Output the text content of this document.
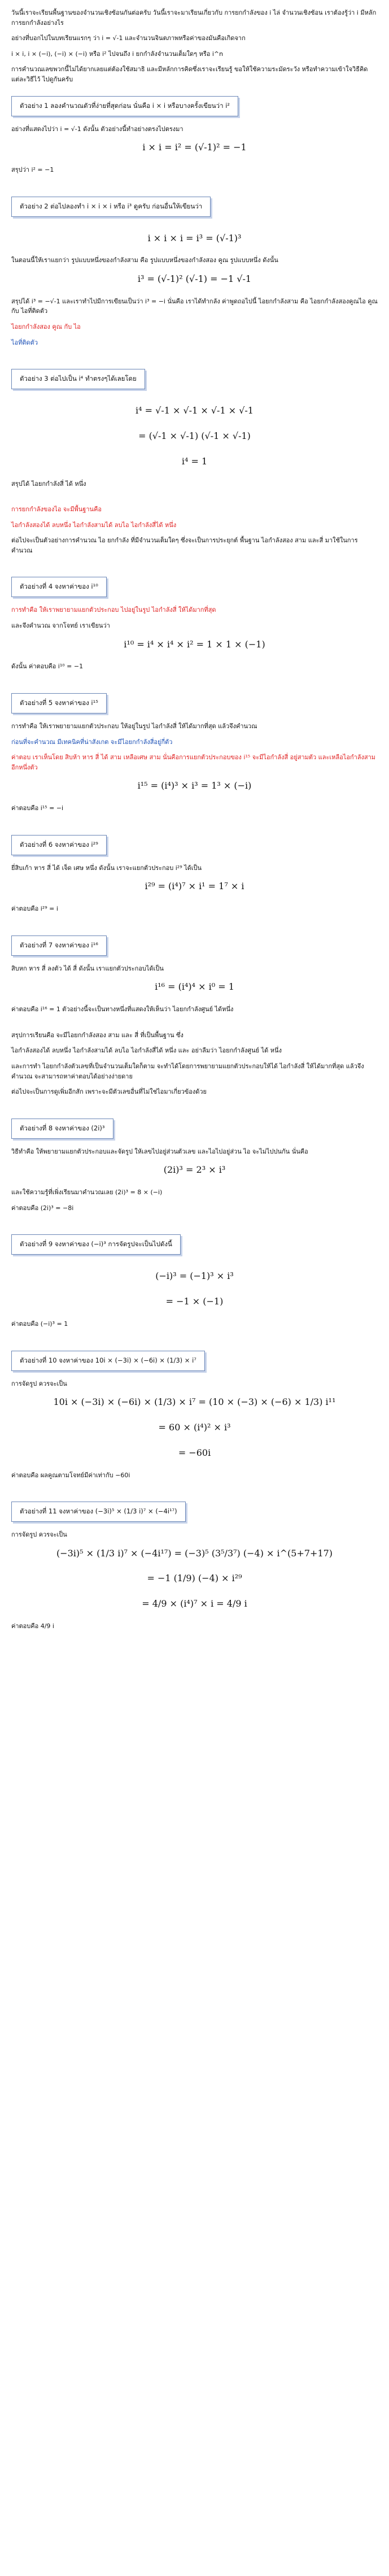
วันนี้เราจะเรียนพื้นฐานของจำนวนเชิงซ้อนกันต่อครับ วันนี้เราจะมาเรียนเกี่ยวกับ การยกกำลังของ i ไล่ จำนวนเชิงซ้อน เราต้องรู้ว่า i มีหลักการยกกำลังอย่างไร

อย่างที่บอกไปในบทเรียนแรกๆ ว่า i = √-1 และจำนวนจินตภาพหรือค่าของมันคือเกิดจาก

i × i, i × (−i), (−i) × (−i) หรือ i² ไปจนถึง i ยกกำลังจำนวนเต็มใดๆ หรือ i^n

การคำนวณเลขพวกนี้ไม่ได้ยากเลยแต่ต้องใช้สมาธิ และมีหลักการคิดซึ่งเราจะเรียนรู้ ขอให้ใช้ความระมัดระวัง หรือทำความเข้าใจวิธีคิดแต่ละวิธีไว้ ไปดูกันครับ

ตัวอย่าง 1 ลองคำนวณตัวที่ง่ายที่สุดก่อน นั่นคือ i × i หรือบางครั้งเขียนว่า i²

อย่างที่แสดงไปว่า i = √-1 ดังนั้น ตัวอย่างนี้ทำอย่างตรงไปตรงมา

i × i = i² = (√-1)² = −1

สรุปว่า i² = −1

ตัวอย่าง 2 ต่อไปลองทำ i × i × i หรือ i³ ดูครับ ก่อนอื่นให้เขียนว่า
i × i × i = i³ = (√-1)³

ในตอนนี้ให้เราแยกว่า รูปแบบหนึ่งของกำลังสาม คือ รูปแบบหนึ่งของกำลังสอง คูณ รูปแบบหนึ่ง ดังนั้น

i³ = (√-1)² (√-1) = −1 √-1

สรุปได้ i³ = −√-1 และเราทำไปมีการเขียนเป็นว่า i³ = −i นั่นคือ เราได้ทำกลัง ค่าพูดถอไปนี้ ไอยกกำลังสาม คือ ไอยกกำลังสองคูณไอ คูณกับ ไอที่ติดตัว

ไอยกกำลังสอง คูณ กับ ไอ

ไอที่ติดตัว

ตัวอย่าง 3 ต่อไปเป็น i⁴ ทำตรงๆได้เลยโดย
i⁴ = √-1 × √-1 × √-1 × √-1
= (√-1 × √-1) (√-1 × √-1)
i⁴ = 1

สรุปได้ ไอยกกำลังสี่ ได้ หนึ่ง

การยกกำลังของไอ จะมีพื้นฐานคือ

ไอกำลังสองได้ ลบหนึ่ง ไอกำลังสามได้ ลบไอ ไอกำลังสี่ได้ หนึ่ง

ต่อไปจะเป็นตัวอย่างการคำนวณ ไอ ยกกำลัง ที่มีจำนวนเต็มใดๆ ซึ่งจะเป็นการประยุกต์ พื้นฐาน ไอกำลังสอง สาม และสี่ มาใช้ในการคำนวณ

ตัวอย่างที่ 4 จงหาค่าของ i¹⁰

การทำคือ ให้เราพยายามแยกตัวประกอบ ไปอยู่ในรูป ไอกำลังสี่ ให้ได้มากที่สุด

และจึงคำนวณ จากโจทย์ เราเขียนว่า

i¹⁰ = i⁴ × i⁴ × i² = 1 × 1 × (−1)

ดังนั้น ค่าตอบคือ i¹⁰ = −1

ตัวอย่างที่ 5 จงหาค่าของ i¹⁵

การทำคือ ให้เราพยายามแยกตัวประกอบ ให้อยู่ในรูป ไอกำลังสี่ ให้ได้มากที่สุด แล้วจึงคำนวณ

ก่อนที่จะคำนวณ มีเทคนิคที่น่าสังเกต จะมีไอยกกำลังสี่อยู่กี่ตัว

ค่าตอบ เราเห็นโดย สิบห้า หาร สี่ ได้ สาม เหลือเศษ สาม นั่นคือการแยกตัวประกอบของ i¹⁵ จะมีไอกำลังสี่ อยู่สามตัว และเหลือไอกำลังสาม อีกหนึ่งตัว

i¹⁵ = (i⁴)³ × i³ = 1³ × (−i)

ค่าตอบคือ i¹⁵ = −i

ตัวอย่างที่ 6 จงหาค่าของ i²⁹

ยี่สิบเก้า หาร สี่ ได้ เจ็ด เศษ หนึ่ง ดังนั้น เราจะแยกตัวประกอบ i²⁹ ได้เป็น

i²⁹ = (i⁴)⁷ × i¹ = 1⁷ × i

ค่าตอบคือ i²⁹ = i

ตัวอย่างที่ 7 จงหาค่าของ i¹⁶

สิบหก หาร สี่ ลงตัว ได้ สี่ ดังนั้น เราแยกตัวประกอบได้เป็น

i¹⁶ = (i⁴)⁴ × i⁰ = 1

ค่าตอบคือ i¹⁶ = 1 ตัวอย่างนี้จะเป็นทางหนึ่งที่แสดงให้เห็นว่า ไอยกกำลังศูนย์ ได้หนึ่ง

สรุปการเรียนคือ จะมีไอยกกำลังสอง สาม และ สี่ ที่เป็นพื้นฐาน ซึ่ง

ไอกำลังสองได้ ลบหนึ่ง ไอกำลังสามได้ ลบไอ ไอกำลังสี่ได้ หนึ่ง และ อย่าลืมว่า ไอยกกำลังศูนย์ ได้ หนึ่ง

และการทำ ไอยกกำลังตัวเลขที่เป็นจำนวนเต็มใดก็ตาม จะทำได้โดยการพยายามแยกตัวประกอบให้ได้ ไอกำลังสี่ ให้ได้มากที่สุด แล้วจึงคำนวณ จะสามารถหาค่าตอบได้อย่างง่ายดาย

ต่อไปจะเป็นการดูเพิ่มอีกสัก เพราะจะมีตัวเลขอื่นที่ไม่ใช่ไอมาเกี่ยวข้องด้วย

ตัวอย่างที่ 8 จงหาค่าของ (2i)³

วิธีทำคือ ให้พยายามแยกตัวประกอบและจัดรูป ให้เลขไปอยู่ส่วนตัวเลข และไอไปอยู่ส่วน ไอ จะไม่ไปปนกัน นั่นคือ

(2i)³ = 2³ × i³

และใช้ความรู้ที่เพิ่งเรียนมาคำนวณเลย (2i)³ = 8 × (−i)

ค่าตอบคือ (2i)³ = −8i

ตัวอย่างที่ 9 จงหาค่าของ (−i)³ การจัดรูปจะเป็นไปดังนี้
(−i)³ = (−1)³ × i³
= −1 × (−1)

ค่าตอบคือ (−i)³ = 1

ตัวอย่างที่ 10 จงหาค่าของ 10i × (−3i) × (−6i) × (1/3) × i⁷

การจัดรูป ควรจะเป็น

10i × (−3i) × (−6i) × (1/3) × i⁷ = (10 × (−3) × (−6) × 1/3) i¹¹
= 60 × (i⁴)² × i³
= −60i

ค่าตอบคือ ผลคูณตามโจทย์มีค่าเท่ากับ −60i

ตัวอย่างที่ 11 จงหาค่าของ (−3i)⁵ × (1/3 i)⁷ × (−4i¹⁷)

การจัดรูป ควรจะเป็น

(−3i)⁵ × (1/3 i)⁷ × (−4i¹⁷) = (−3)⁵ (3⁵/3⁷) (−4) × i^(5+7+17)
= −1 (1/9) (−4) × i²⁹
= 4/9 × (i⁴)⁷ × i = 4/9 i

ค่าตอบคือ 4/9 i

ได้พบว่าเรามีรูปแบบในการคำนวณ เมื่อเรายกกำลัง i ที่เป็นจำนวนเต็มอย่างไรแล้วเราจะได้คำตอบที่ต้องเป็นอย่างใดอย่างหนึ่ง
